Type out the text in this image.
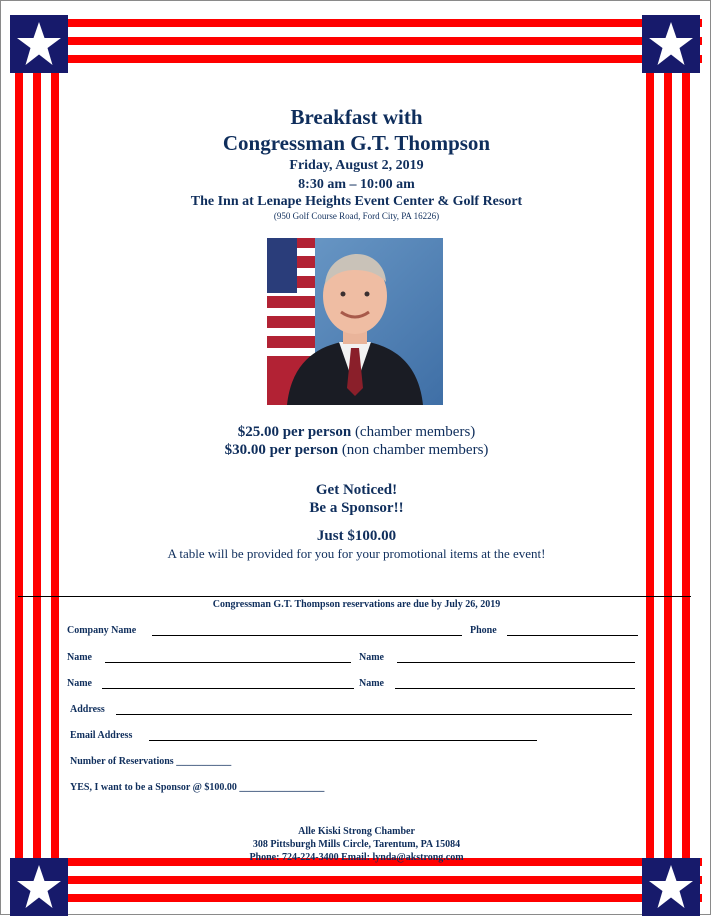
Breakfast with
Congressman G.T. Thompson
Friday, August 2, 2019
8:30 am – 10:00 am
The Inn at Lenape Heights Event Center & Golf Resort
(950 Golf Course Road, Ford City, PA 16226)
$25.00 per person (chamber members)
$30.00 per person (non chamber members)
Get Noticed!
Be a Sponsor!!
Just $100.00
A table will be provided for you for your promotional items at the event!
Congressman G.T. Thompson reservations are due by July 26, 2019
Company Name	Phone
Name	Name
Name	Name
Address
Email Address
Number of Reservations ___________
YES, I want to be a Sponsor @ $100.00 _________________
Alle Kiski Strong Chamber
308 Pittsburgh Mills Circle, Tarentum, PA 15084
Phone: 724-224-3400 Email: lynda@akstrong.com
